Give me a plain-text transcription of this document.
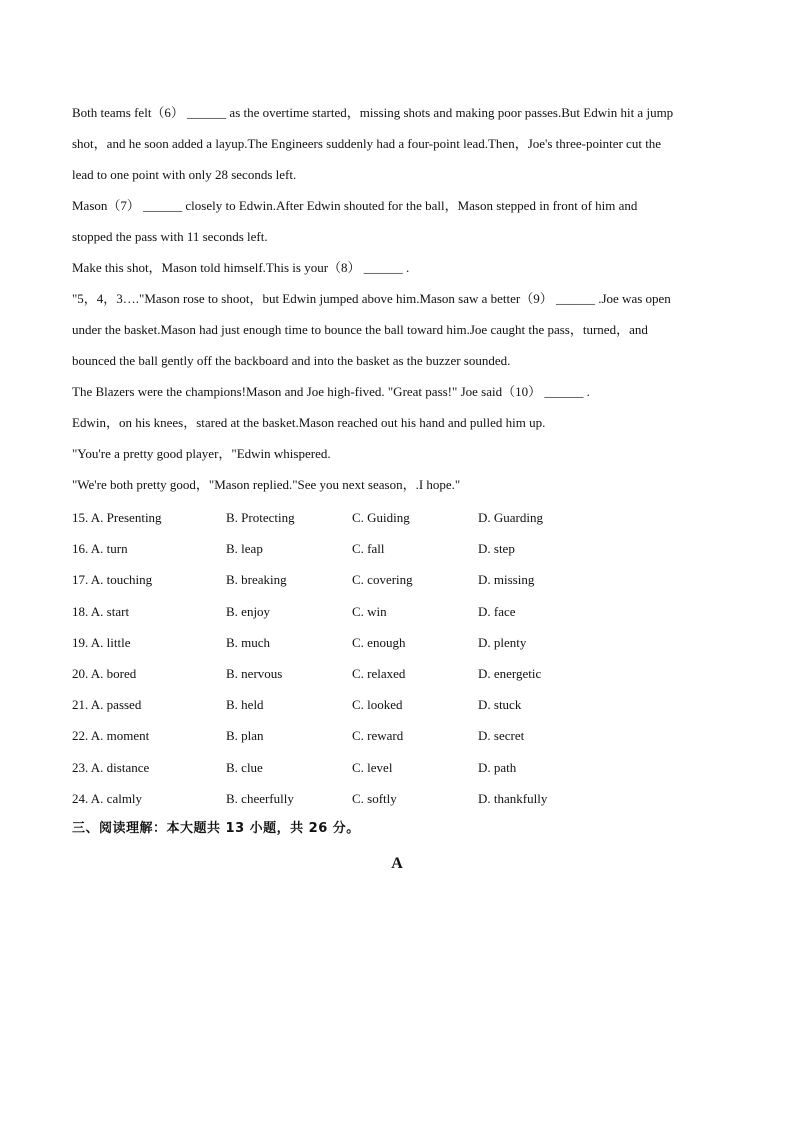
Both teams felt（6） ______ as the overtime started，missing shots and making poor passes.But Edwin hit a jump

shot，and he soon added a layup.The Engineers suddenly had a four-point lead.Then，Joe's three-pointer cut the

lead to one point with only 28 seconds left.

Mason（7） ______ closely to Edwin.After Edwin shouted for the ball，Mason stepped in front of him and

stopped the pass with 11 seconds left.

Make this shot，Mason told himself.This is your（8） ______ .

"5，4，3…."Mason rose to shoot，but Edwin jumped above him.Mason saw a better（9） ______ .Joe was open

under the basket.Mason had just enough time to bounce the ball toward him.Joe caught the pass，turned，and

bounced the ball gently off the backboard and into the basket as the buzzer sounded.

The Blazers were the champions!Mason and Joe high-fived. "Great pass!" Joe said（10） ______ .

Edwin，on his knees，stared at the basket.Mason reached out his hand and pulled him up.

"You're a pretty good player，"Edwin whispered.

"We're both pretty good，"Mason replied."See you next season，.I hope."

15. A. Presenting	B. Protecting	C. Guiding	D. Guarding
16. A. turn	B. leap	C. fall	D. step
17. A. touching	B. breaking	C. covering	D. missing
18. A. start	B. enjoy	C. win	D. face
19. A. little	B. much	C. enough	D. plenty
20. A. bored	B. nervous	C. relaxed	D. energetic
21. A. passed	B. held	C. looked	D. stuck
22. A. moment	B. plan	C. reward	D. secret
23. A. distance	B. clue	C. level	D. path
24. A. calmly	B. cheerfully	C. softly	D. thankfully
三、阅读理解：本大题共 13 小题，共 26 分。
A
